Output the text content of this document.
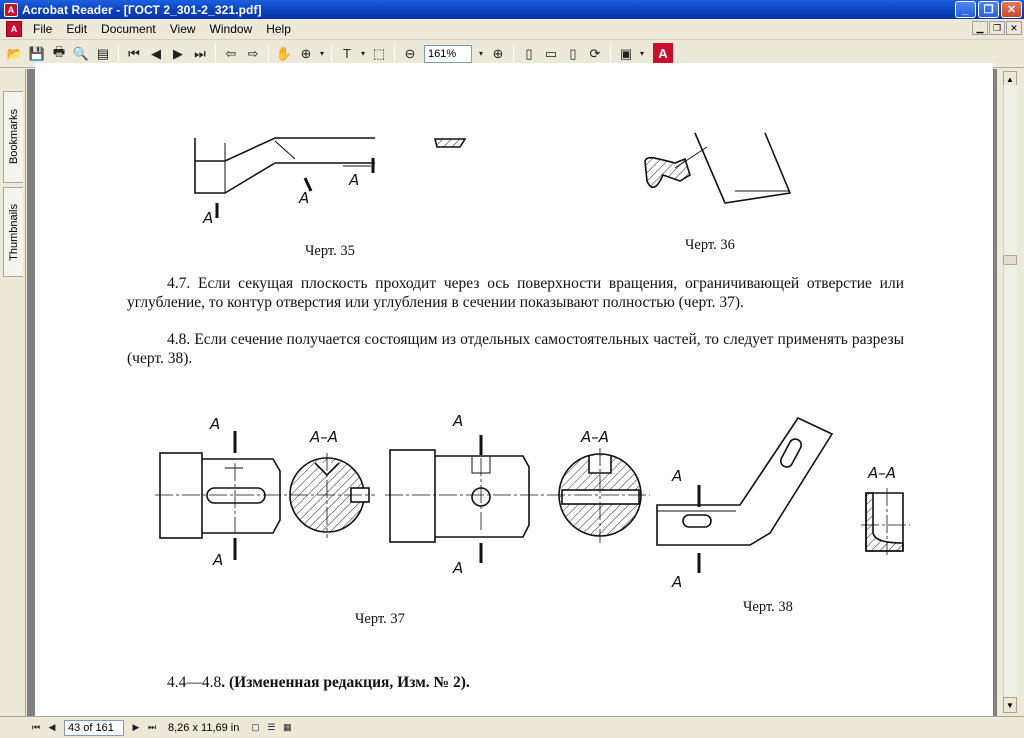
A Acrobat Reader - [ГОСТ 2_301-2_321.pdf]	_	❐	✕
A	File	Edit	Document	View	Window	Help	▁	❐	✕
📂 💾 🖶 🔍 ▤	⏮ ◀ ▶ ⏭	⇦ ⇨	✋ ⊕	▾	T	▾ ⬚	⊖	161%	▾ ⊕	▯ ▭ ▯ ⟳	▣ ▾	A
Bookmarks
Thumbnails	A
A
A
A
A
A–A
A
A
A–A
A
A
A–A
Черт. 35	Черт. 36
4.7. Если секущая плоскость проходит через ось поверхности вращения, ограничивающей отверстие или углубление, то контур отверстия или углубления в сечении показывают полностью (черт. 37).
4.8. Если сечение получается состоящим из отдельных самостоятельных частей, то следует применять разрезы (черт. 38).
Черт. 37
Черт. 38
4.4—4.8. (Измененная редакция, Изм. № 2).
▲
▼
⏮ ◀	43 of 161	▶ ⏭	8,26 x 11,69 in	▢ ☰ ▦
